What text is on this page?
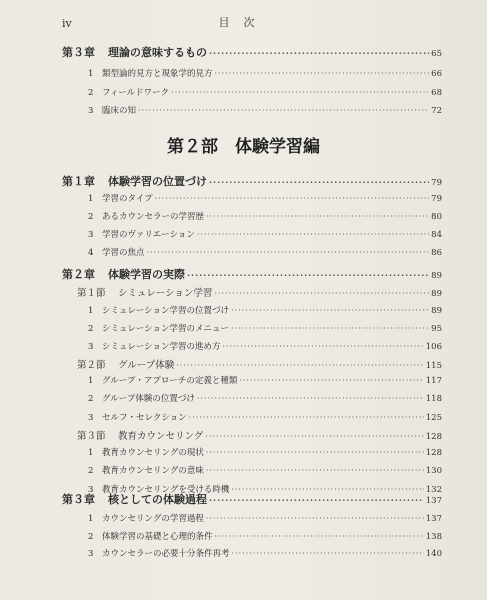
iv	目次
第２部　体験学習編
第３章	理論の意味するもの ·····	65
1	類型論的見方と現象学的見方 ·····	66
2	フィールドワーク ·····	68
3	臨床の知 ·····	72
第１章	体験学習の位置づけ ·····	79
1	学習のタイプ ·····	79
2	あるカウンセラーの学習歴 ·····	80
3	学習のヴァリエーション ·····	84
4	学習の焦点 ·····	86
第２章	体験学習の実際 ·····	89
第１節	シミュレーション学習 ·····	89
1	シミュレーション学習の位置づけ ·····	89
2	シミュレーション学習のメニュー ·····	95
3	シミュレーション学習の進め方 ·····	106
第２節	グループ体験 ·····	115
1	グループ・アプローチの定義と種類 ·····	117
2	グループ体験の位置づけ ·····	118
3	セルフ・セレクション ·····	125
第３節	教育カウンセリング ·····	128
1	教育カウンセリングの現状 ·····	128
2	教育カウンセリングの意味 ·····	130
3	教育カウンセリングを受ける時機 ·····	132
第３章	核としての体験過程 ·····	137
1	カウンセリングの学習過程 ·····	137
2	体験学習の基礎と心理的条件 ·····	138
3	カウンセラーの必要十分条件再考 ·····	140
